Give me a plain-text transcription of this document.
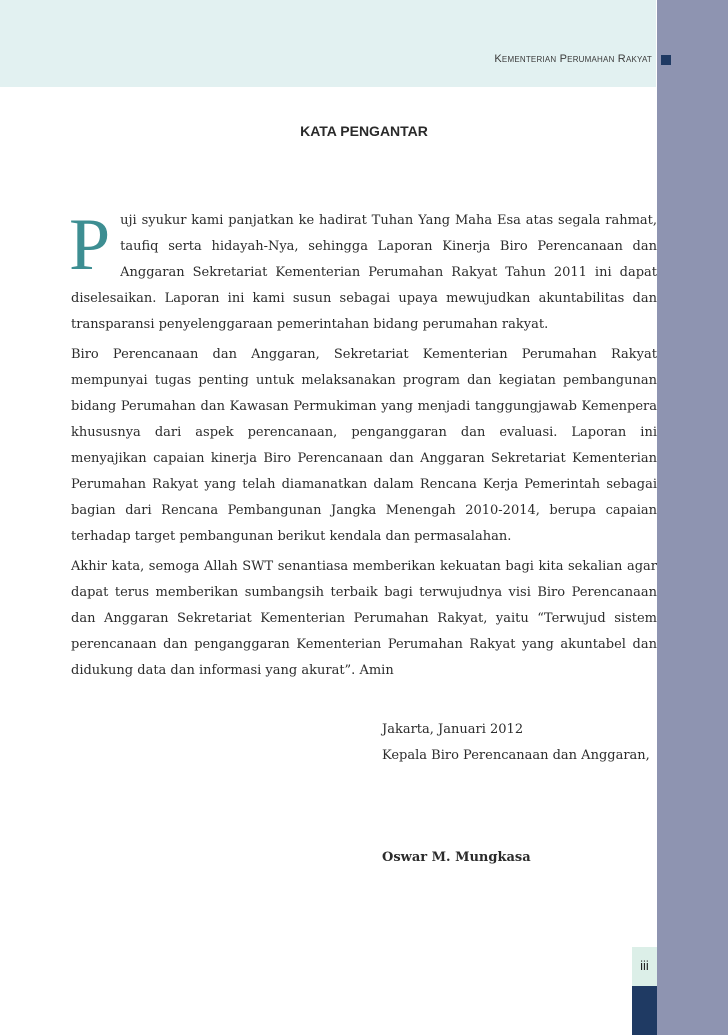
Kementerian Perumahan Rakyat
KATA PENGANTAR

Puji syukur kami panjatkan ke hadirat Tuhan Yang Maha Esa atas segala rahmat, taufiq serta hidayah-Nya, sehingga Laporan Kinerja Biro Perencanaan dan Anggaran Sekretariat Kementerian Perumahan Rakyat Tahun 2011 ini dapat diselesaikan. Laporan ini kami susun sebagai upaya mewujudkan akuntabilitas dan transparansi penyelenggaraan pemerintahan bidang perumahan rakyat.

Biro Perencanaan dan Anggaran, Sekretariat Kementerian Perumahan Rakyat mempunyai tugas penting untuk melaksanakan program dan kegiatan pembangunan bidang Perumahan dan Kawasan Permukiman yang menjadi tanggungjawab Kemenpera khususnya dari aspek perencanaan, penganggaran dan evaluasi. Laporan ini menyajikan capaian kinerja Biro Perencanaan dan Anggaran Sekretariat Kementerian Perumahan Rakyat yang telah diamanatkan dalam Rencana Kerja Pemerintah sebagai bagian dari Rencana Pembangunan Jangka Menengah 2010-2014, berupa capaian terhadap target pembangunan berikut kendala dan permasalahan.

Akhir kata, semoga Allah SWT senantiasa memberikan kekuatan bagi kita sekalian agar dapat terus memberikan sumbangsih terbaik bagi terwujudnya visi Biro Perencanaan dan Anggaran Sekretariat Kementerian Perumahan Rakyat, yaitu “Terwujud sistem perencanaan dan penganggaran Kementerian Perumahan Rakyat yang akuntabel dan didukung data dan informasi yang akurat”. Amin

Jakarta, Januari 2012
Kepala Biro Perencanaan dan Anggaran,
Oswar M. Mungkasa
iii
